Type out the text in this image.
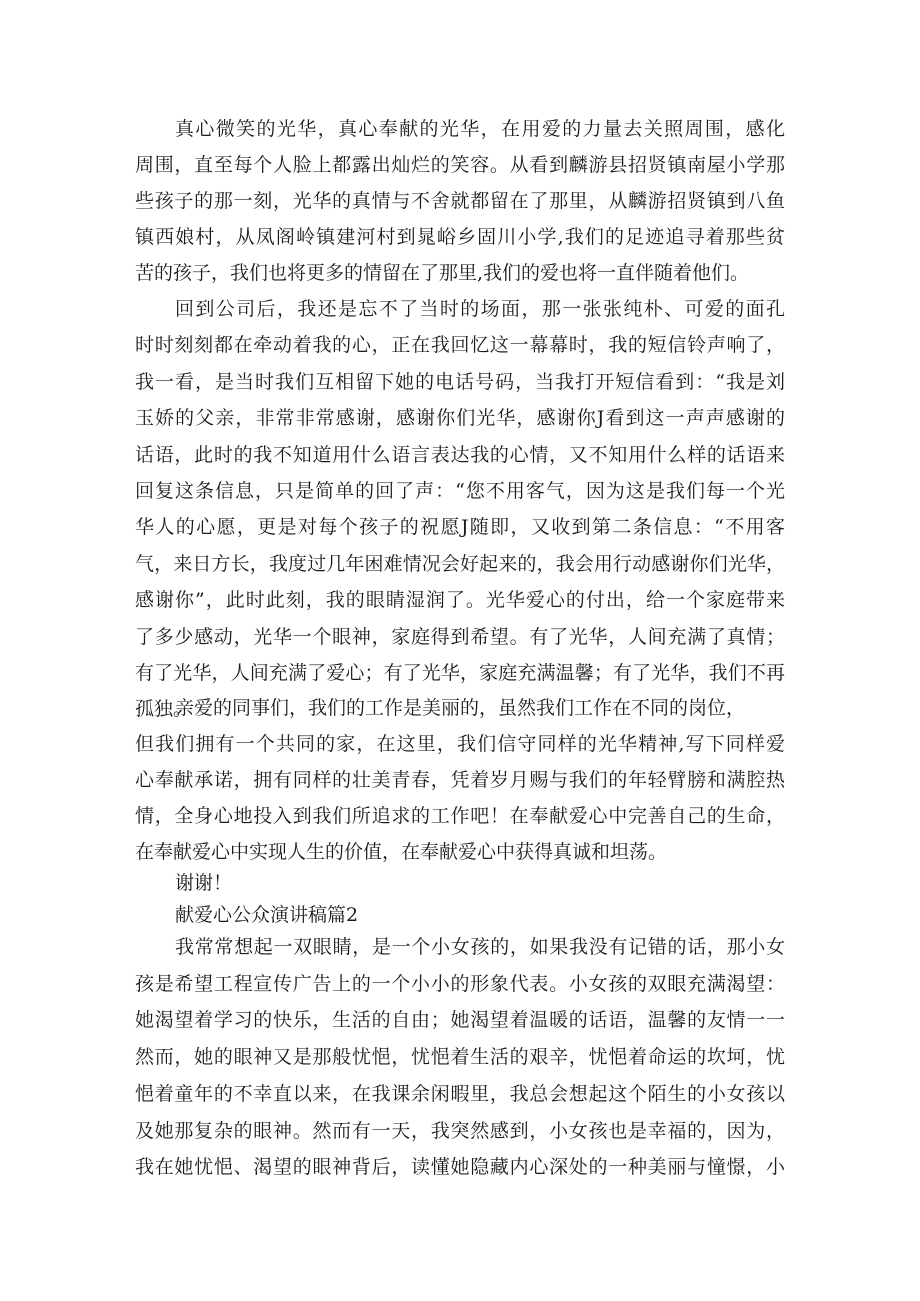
真心微笑的光华，真心奉献的光华，在用爱的力量去关照周围，感化
周围，直至每个人脸上都露出灿烂的笑容。从看到麟游县招贤镇南屋小学那
些孩子的那一刻，光华的真情与不舍就都留在了那里，从麟游招贤镇到八鱼
镇西娘村，从凤阁岭镇建河村到晁峪乡固川小学,我们的足迹追寻着那些贫
苦的孩子，我们也将更多的情留在了那里,我们的爱也将一直伴随着他们。
回到公司后，我还是忘不了当时的场面，那一张张纯朴、可爱的面孔
时时刻刻都在牵动着我的心，正在我回忆这一幕幕时，我的短信铃声响了，
我一看，是当时我们互相留下她的电话号码，当我打开短信看到：“我是刘
玉娇的父亲，非常非常感谢，感谢你们光华，感谢你J看到这一声声感谢的
话语，此时的我不知道用什么语言表达我的心情，又不知用什么样的话语来
回复这条信息，只是简单的回了声：“您不用客气，因为这是我们每一个光
华人的心愿，更是对每个孩子的祝愿J随即，又收到第二条信息：“不用客
气，来日方长，我度过几年困难情况会好起来的，我会用行动感谢你们光华，
感谢你”，此时此刻，我的眼睛湿润了。光华爱心的付出，给一个家庭带来
了多少感动，光华一个眼神，家庭得到希望。有了光华，人间充满了真情；
有了光华，人间充满了爱心；有了光华，家庭充满温馨；有了光华，我们不再
孤独。
亲爱的同事们，我们的工作是美丽的，虽然我们工作在不同的岗位，
但我们拥有一个共同的家，在这里，我们信守同样的光华精神,写下同样爱
心奉献承诺，拥有同样的壮美青春，凭着岁月赐与我们的年轻臂膀和满腔热
情，全身心地投入到我们所追求的工作吧！在奉献爱心中完善自己的生命，
在奉献爱心中实现人生的价值，在奉献爱心中获得真诚和坦荡。
谢谢！
献爱心公众演讲稿篇2
我常常想起一双眼睛，是一个小女孩的，如果我没有记错的话，那小女
孩是希望工程宣传广告上的一个小小的形象代表。小女孩的双眼充满渴望：
她渴望着学习的快乐，生活的自由；她渴望着温暖的话语，温馨的友情一一
然而，她的眼神又是那般忧悒，忧悒着生活的艰辛，忧悒着命运的坎坷，忧
悒着童年的不幸直以来，在我课余闲暇里，我总会想起这个陌生的小女孩以
及她那复杂的眼神。然而有一天，我突然感到，小女孩也是幸福的，因为，
我在她忧悒、渴望的眼神背后，读懂她隐藏内心深处的一种美丽与憧憬，小
